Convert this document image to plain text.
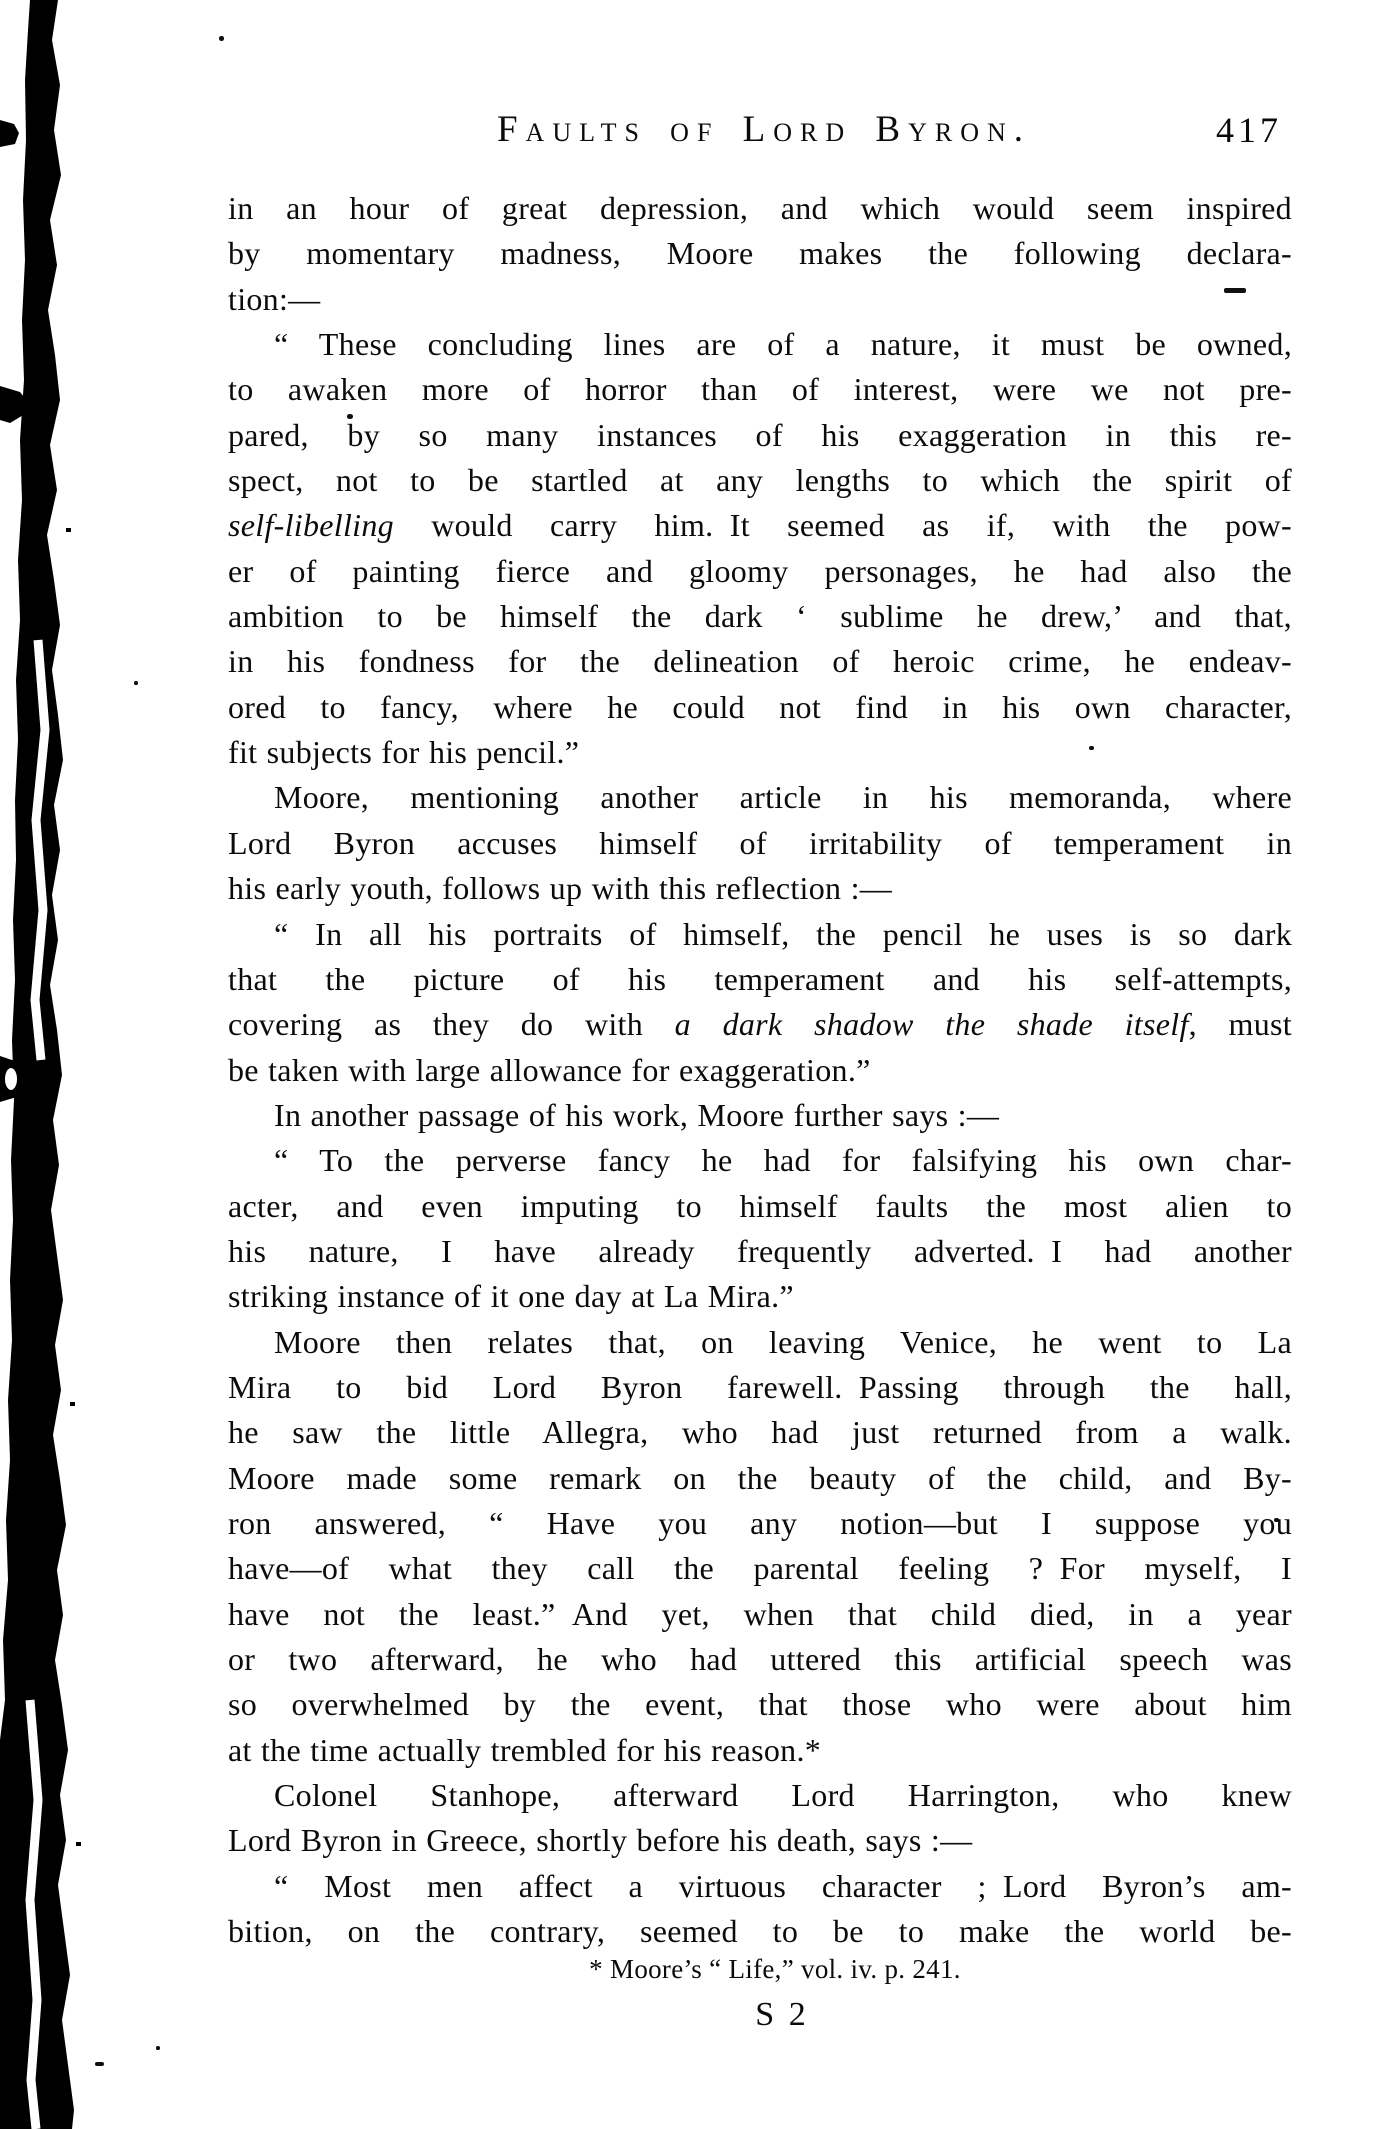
Faults of Lord Byron.	417
in an hour of great depression, and which would seem inspired
by momentary madness, Moore makes the following declara-
tion:—
“ These concluding lines are of a nature, it must be owned,
to awaken more of horror than of interest, were we not pre-
pared, by so many instances of his exaggeration in this re-
spect, not to be startled at any lengths to which the spirit of
self-libelling would carry him. It seemed as if, with the pow-
er of painting fierce and gloomy personages, he had also the
ambition to be himself the dark ‘ sublime he drew,’ and that,
in his fondness for the delineation of heroic crime, he endeav-
ored to fancy, where he could not find in his own character,
fit subjects for his pencil.”
Moore, mentioning another article in his memoranda, where
Lord Byron accuses himself of irritability of temperament in
his early youth, follows up with this reflection :—
“ In all his portraits of himself, the pencil he uses is so dark
that the picture of his temperament and his self-attempts,
covering as they do with a dark shadow the shade itself, must
be taken with large allowance for exaggeration.”
In another passage of his work, Moore further says :—
“ To the perverse fancy he had for falsifying his own char-
acter, and even imputing to himself faults the most alien to
his nature, I have already frequently adverted. I had another
striking instance of it one day at La Mira.”
Moore then relates that, on leaving Venice, he went to La
Mira to bid Lord Byron farewell. Passing through the hall,
he saw the little Allegra, who had just returned from a walk.
Moore made some remark on the beauty of the child, and By-
ron answered, “ Have you any notion—but I suppose you
have—of what they call the parental feeling ? For myself, I
have not the least.” And yet, when that child died, in a year
or two afterward, he who had uttered this artificial speech was
so overwhelmed by the event, that those who were about him
at the time actually trembled for his reason.*
Colonel Stanhope, afterward Lord Harrington, who knew
Lord Byron in Greece, shortly before his death, says :—
“ Most men affect a virtuous character ; Lord Byron’s am-
bition, on the contrary, seemed to be to make the world be-
* Moore’s “ Life,” vol. iv. p. 241.
S 2
